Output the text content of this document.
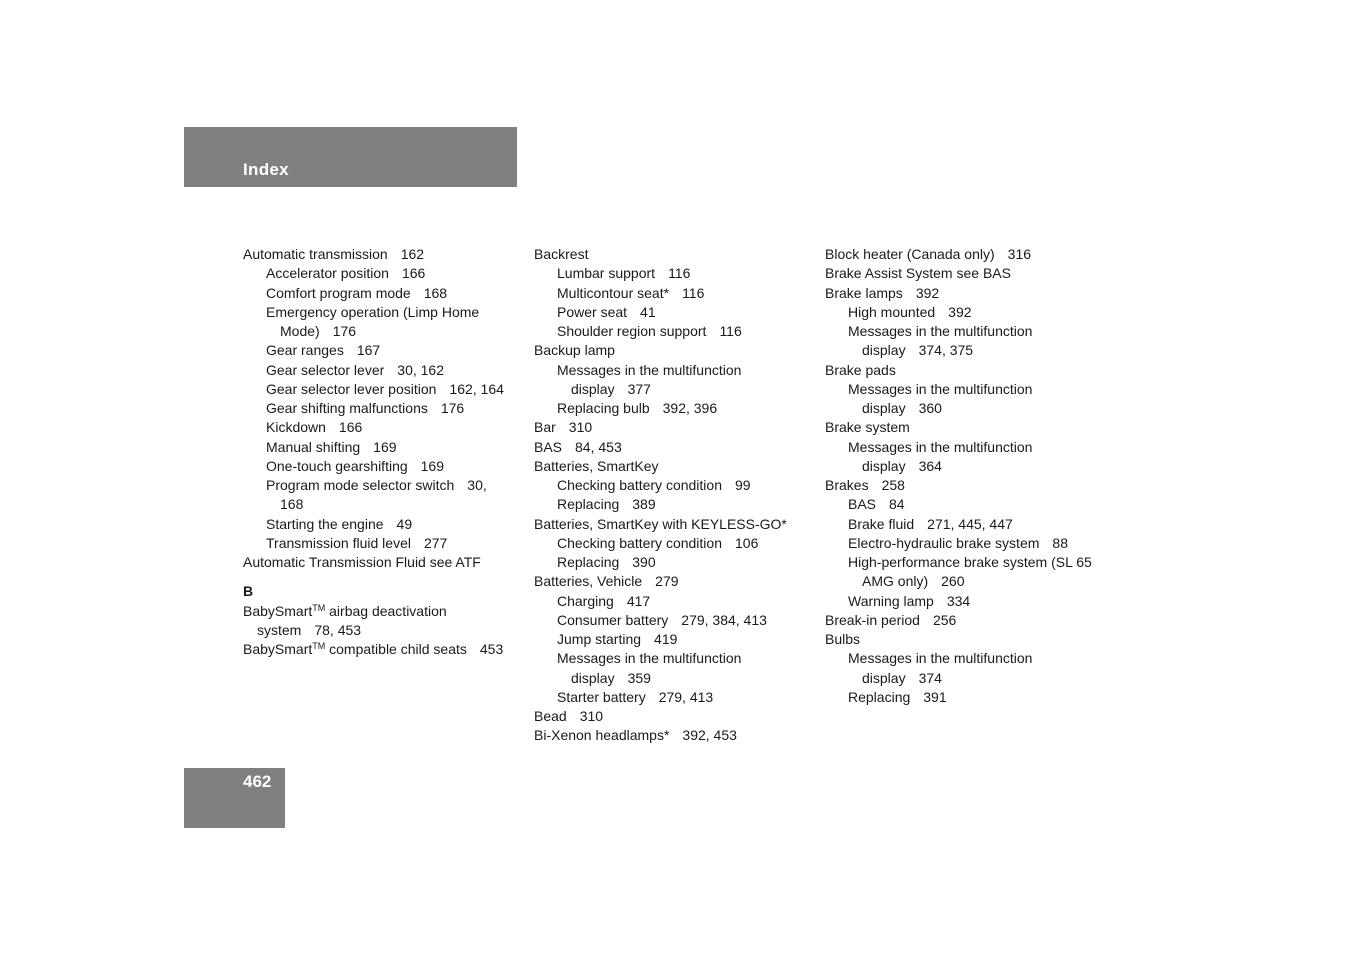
Index
Automatic transmission 162
Accelerator position 166
Comfort program mode 168
Emergency operation (Limp Home
Mode) 176
Gear ranges 167
Gear selector lever 30, 162
Gear selector lever position 162, 164
Gear shifting malfunctions 176
Kickdown 166
Manual shifting 169
One-touch gearshifting 169
Program mode selector switch 30,
168
Starting the engine 49
Transmission fluid level 277
Automatic Transmission Fluid see ATF
B
BabySmart™ airbag deactivation
system 78, 453
BabySmart™ compatible child seats 453
Backrest
Lumbar support 116
Multicontour seat* 116
Power seat 41
Shoulder region support 116
Backup lamp
Messages in the multifunction
display 377
Replacing bulb 392, 396
Bar 310
BAS 84, 453
Batteries, SmartKey
Checking battery condition 99
Replacing 389
Batteries, SmartKey with KEYLESS-GO*
Checking battery condition 106
Replacing 390
Batteries, Vehicle 279
Charging 417
Consumer battery 279, 384, 413
Jump starting 419
Messages in the multifunction
display 359
Starter battery 279, 413
Bead 310
Bi-Xenon headlamps* 392, 453
Block heater (Canada only) 316
Brake Assist System see BAS
Brake lamps 392
High mounted 392
Messages in the multifunction
display 374, 375
Brake pads
Messages in the multifunction
display 360
Brake system
Messages in the multifunction
display 364
Brakes 258
BAS 84
Brake fluid 271, 445, 447
Electro-hydraulic brake system 88
High-performance brake system (SL 65
AMG only) 260
Warning lamp 334
Break-in period 256
Bulbs
Messages in the multifunction
display 374
Replacing 391
462
